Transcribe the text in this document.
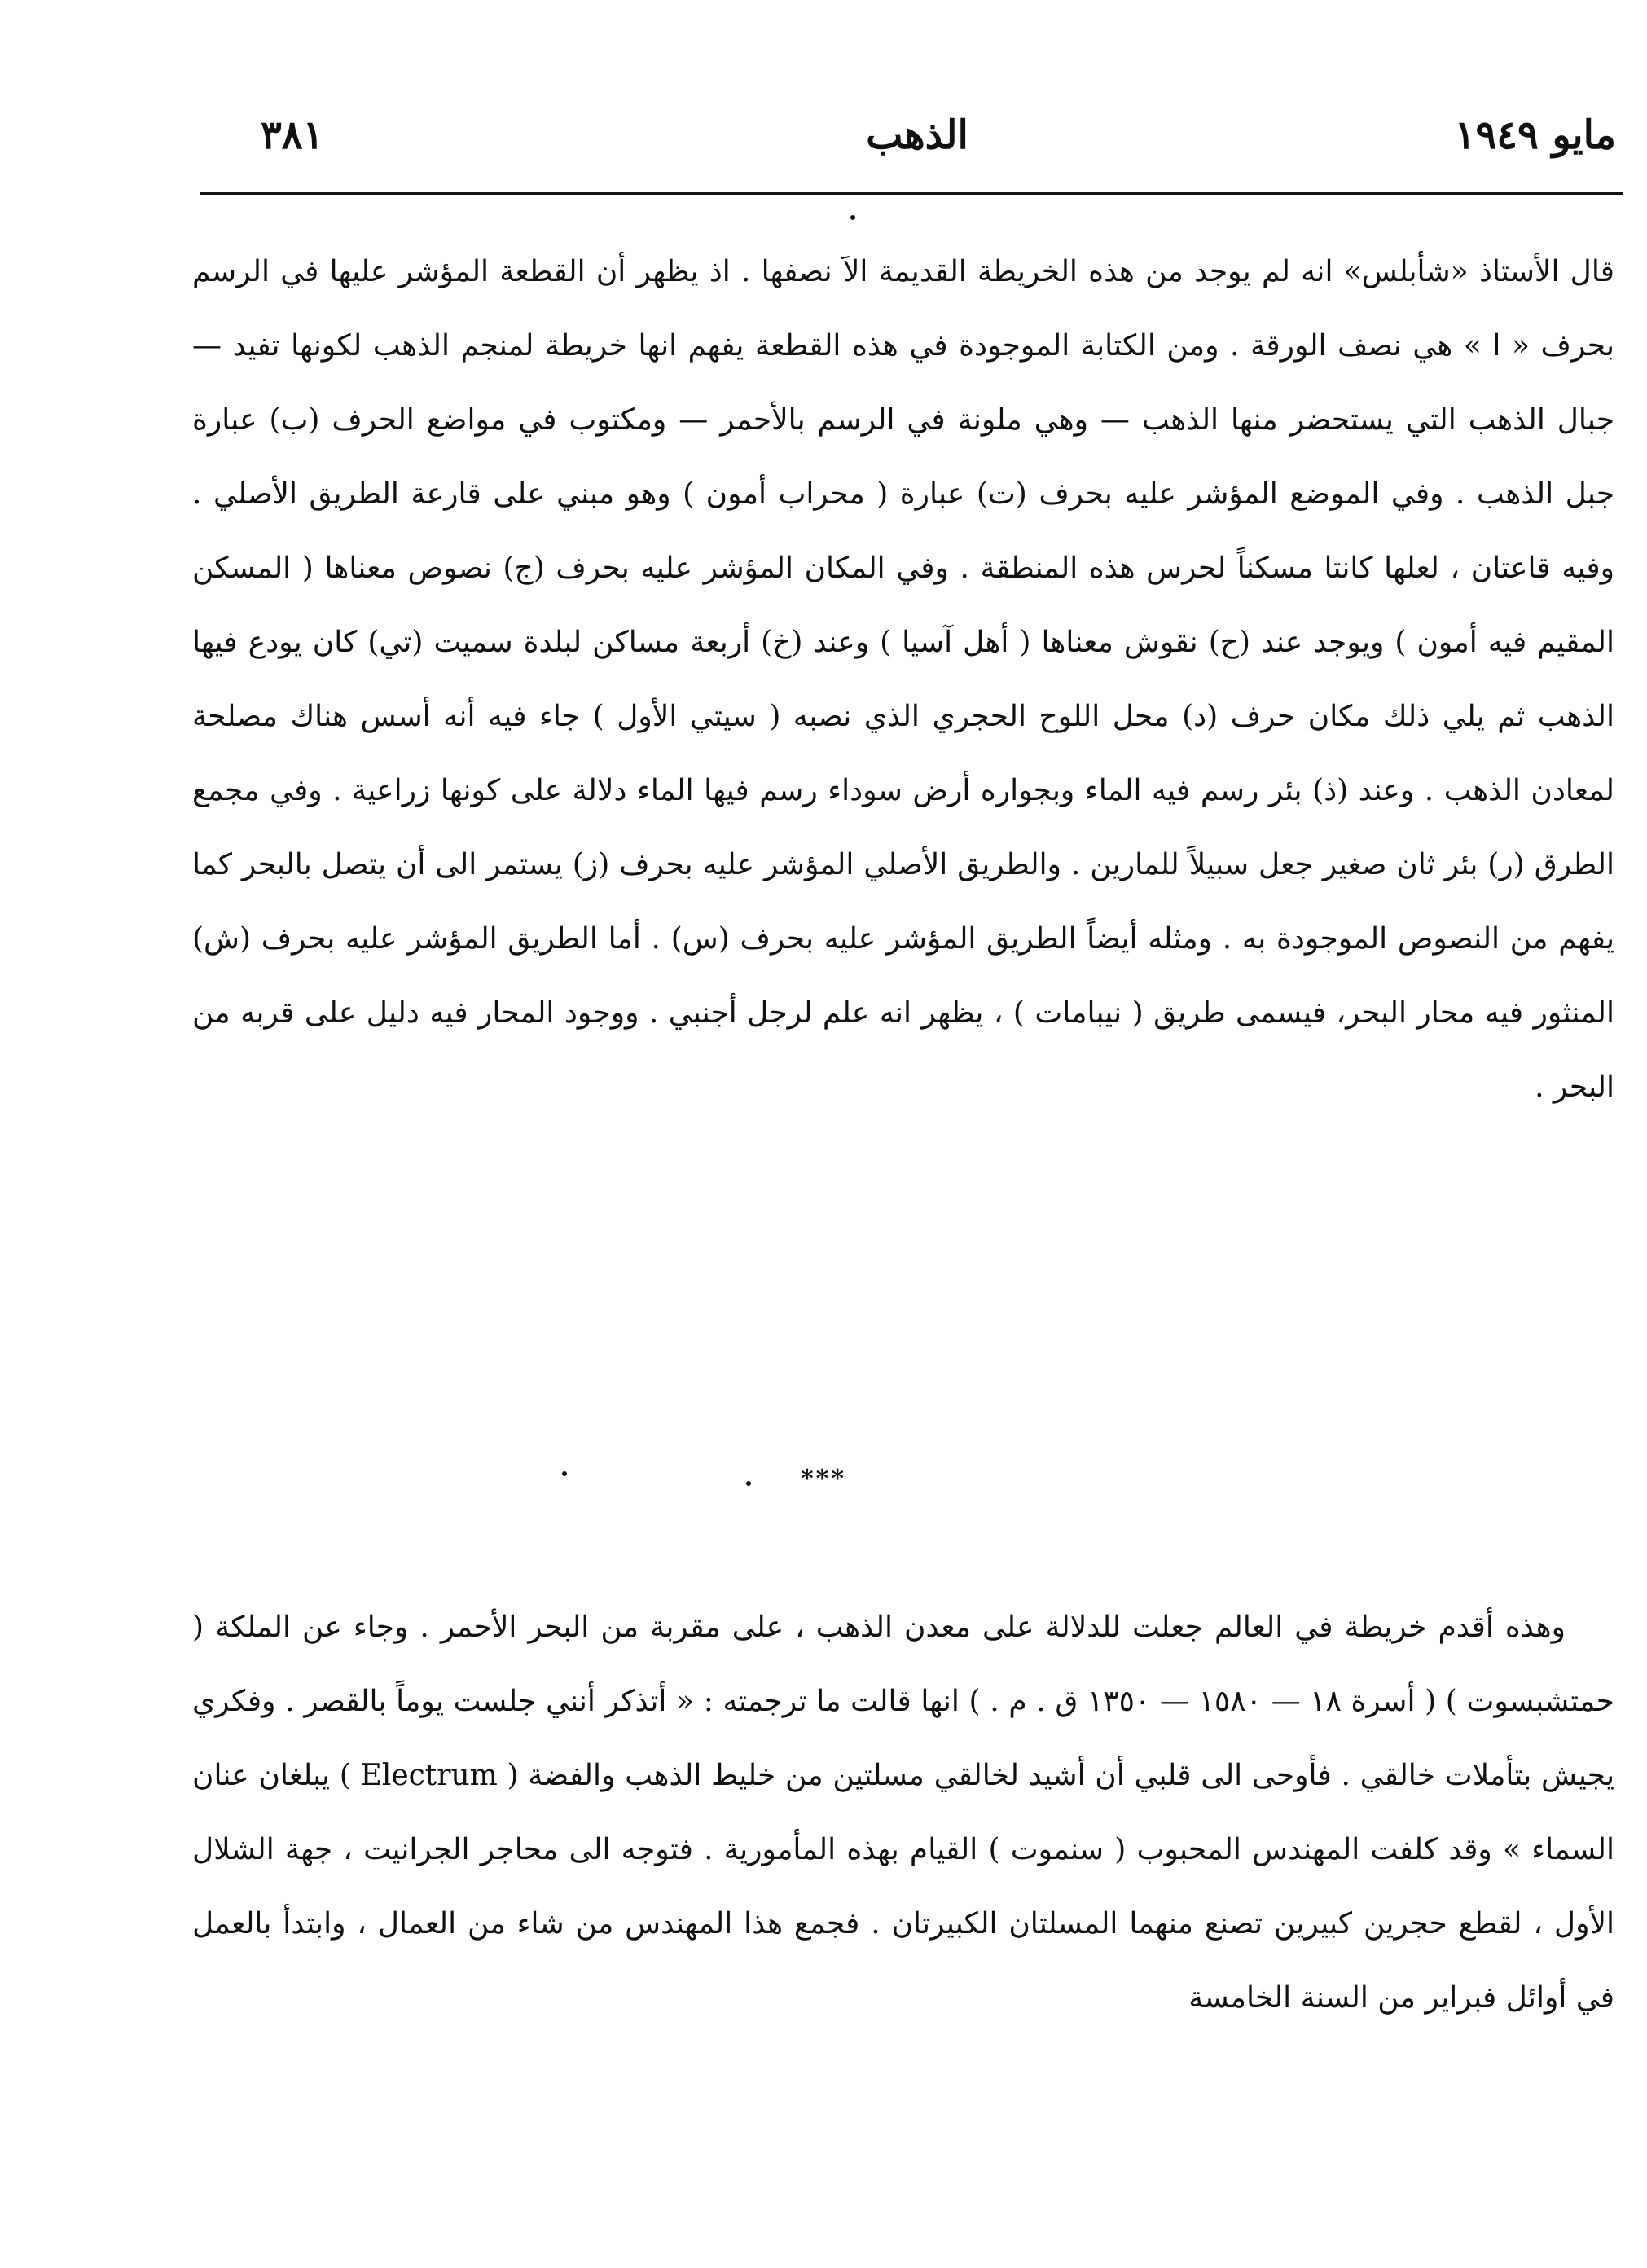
مايو ١٩٤٩
الذهب
٣٨١

قال الأستاذ «شأبلس» انه لم يوجد من هذه الخريطة القديمة الاَ نصفها . اذ يظهر أن القطعة المؤشر عليها في الرسم بحرف « ا » هي نصف الورقة . ومن الكتابة الموجودة في هذه القطعة يفهم انها خريطة لمنجم الذهب لكونها تفيد — جبال الذهب التي يستحضر منها الذهب — وهي ملونة في الرسم بالأحمر — ومكتوب في مواضع الحرف (ب) عبارة جبل الذهب . وفي الموضع المؤشر عليه بحرف (ت) عبارة ( محراب أمون ) وهو مبني على قارعة الطريق الأصلي . وفيه قاعتان ، لعلها كانتا مسكناً لحرس هذه المنطقة . وفي المكان المؤشر عليه بحرف (ج) نصوص معناها ( المسكن المقيم فيه أمون ) ويوجد عند (ح) نقوش معناها ( أهل آسيا ) وعند (خ) أربعة مساكن لبلدة سميت (تي) كان يودع فيها الذهب ثم يلي ذلك مكان حرف (د) محل اللوح الحجري الذي نصبه ( سيتي الأول ) جاء فيه أنه أسس هناك مصلحة لمعادن الذهب . وعند (ذ) بئر رسم فيه الماء وبجواره أرض سوداء رسم فيها الماء دلالة على كونها زراعية . وفي مجمع الطرق (ر) بئر ثان صغير جعل سبيلاً للمارين . والطريق الأصلي المؤشر عليه بحرف (ز) يستمر الى أن يتصل بالبحر كما يفهم من النصوص الموجودة به . ومثله أيضاً الطريق المؤشر عليه بحرف (س) . أما الطريق المؤشر عليه بحرف (ش) المنثور فيه محار البحر، فيسمى طريق ( نيبامات ) ، يظهر انه علم لرجل أجنبي . ووجود المحار فيه دليل على قربه من البحر .

***

وهذه أقدم خريطة في العالم جعلت للدلالة على معدن الذهب ، على مقربة من البحر الأحمر . وجاء عن الملكة ( حمتشبسوت ) ( أسرة ١٨ — ١٥٨٠ — ١٣٥٠ ق . م . ) انها قالت ما ترجمته : « أتذكر أنني جلست يوماً بالقصر . وفكري يجيش بتأملات خالقي . فأوحى الى قلبي أن أشيد لخالقي مسلتين من خليط الذهب والفضة ( Electrum ) يبلغان عنان السماء » وقد كلفت المهندس المحبوب ( سنموت ) القيام بهذه المأمورية . فتوجه الى محاجر الجرانيت ، جهة الشلال الأول ، لقطع حجرين كبيرين تصنع منهما المسلتان الكبيرتان . فجمع هذا المهندس من شاء من العمال ، وابتدأ بالعمل في أوائل فبراير من السنة الخامسة
